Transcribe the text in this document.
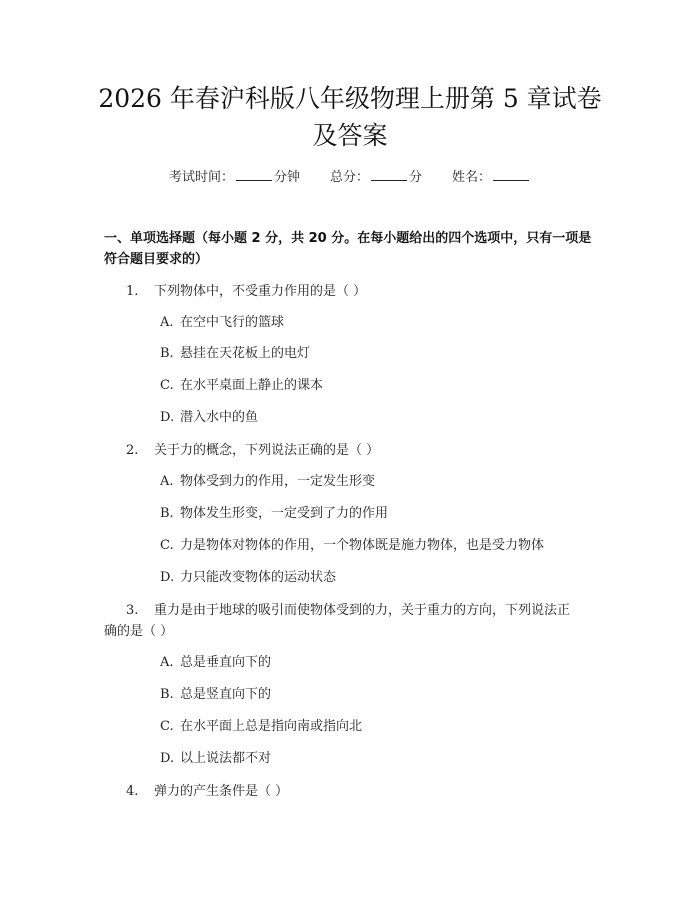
2026 年春沪科版八年级物理上册第 5 章试卷
及答案
考试时间：	分钟 总分：	分 姓名：
一、单项选择题（每小题 2 分，共 20 分。在每小题给出的四个选项中，只有一项是符合题目要求的）
1. 下列物体中，不受重力作用的是（ ）
A. 在空中飞行的篮球
B. 悬挂在天花板上的电灯
C. 在水平桌面上静止的课本
D. 潜入水中的鱼
2. 关于力的概念，下列说法正确的是（ ）
A. 物体受到力的作用，一定发生形变
B. 物体发生形变，一定受到了力的作用
C. 力是物体对物体的作用，一个物体既是施力物体，也是受力物体
D. 力只能改变物体的运动状态
3. 重力是由于地球的吸引而使物体受到的力，关于重力的方向，下列说法正
确的是（ ）
A. 总是垂直向下的
B. 总是竖直向下的
C. 在水平面上总是指向南或指向北
D. 以上说法都不对
4. 弹力的产生条件是（ ）
